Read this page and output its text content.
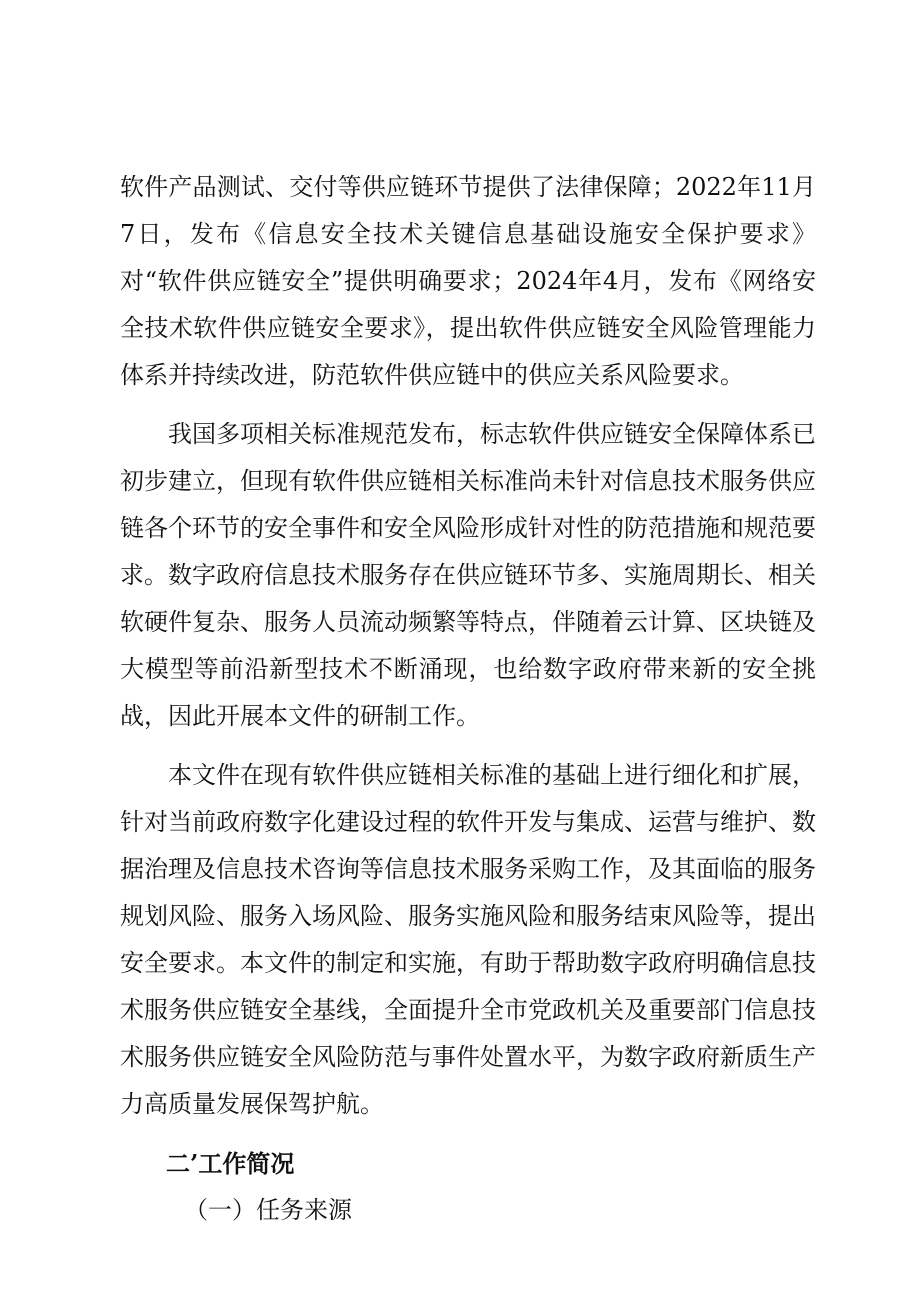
软件产品测试、交付等供应链环节提供了法律保障；2022年11月7日，发布《信息安全技术关键信息基础设施安全保护要求》对“软件供应链安全”提供明确要求；2024年4月，发布《网络安全技术软件供应链安全要求》，提出软件供应链安全风险管理能力体系并持续改进，防范软件供应链中的供应关系风险要求。

我国多项相关标准规范发布，标志软件供应链安全保障体系已初步建立，但现有软件供应链相关标准尚未针对信息技术服务供应链各个环节的安全事件和安全风险形成针对性的防范措施和规范要求。数字政府信息技术服务存在供应链环节多、实施周期长、相关软硬件复杂、服务人员流动频繁等特点，伴随着云计算、区块链及大模型等前沿新型技术不断涌现，也给数字政府带来新的安全挑战，因此开展本文件的研制工作。

本文件在现有软件供应链相关标准的基础上进行细化和扩展，针对当前政府数字化建设过程的软件开发与集成、运营与维护、数据治理及信息技术咨询等信息技术服务采购工作，及其面临的服务规划风险、服务入场风险、服务实施风险和服务结束风险等，提出安全要求。本文件的制定和实施，有助于帮助数字政府明确信息技术服务供应链安全基线，全面提升全市党政机关及重要部门信息技术服务供应链安全风险防范与事件处置水平，为数字政府新质生产力高质量发展保驾护航。

二’工作简况

（一）任务来源
